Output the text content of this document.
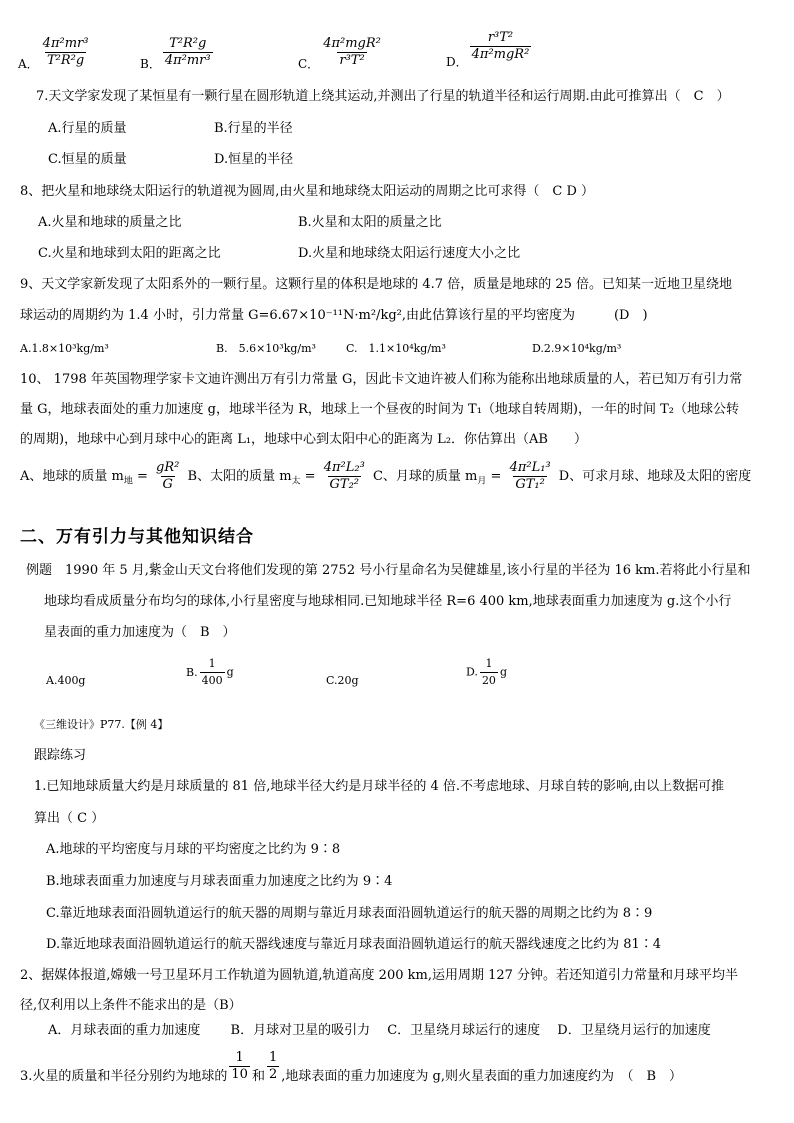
A． $\frac{\text{4π²mr³}}{\text{T²R²g}}$	B． $\frac{\text{T²R²g}}{\text{4π²mr³}}$	C． $\frac{\text{4π²mgR²}}{\text{r³T²}}$	D． $\frac{\text{r³T²}}{\text{4π²mgR²}}$
7.天文学家发现了某恒星有一颗行星在圆形轨道上绕其运动,并测出了行星的轨道半径和运行周期.由此可推算出（　C　）
A.行星的质量	B.行星的半径
C.恒星的质量	D.恒星的半径
8、把火星和地球绕太阳运行的轨道视为圆周,由火星和地球绕太阳运动的周期之比可求得（　C D ）
A.火星和地球的质量之比	B.火星和太阳的质量之比
C.火星和地球到太阳的距离之比	D.火星和地球绕太阳运行速度大小之比
9、天文学家新发现了太阳系外的一颗行星。这颗行星的体积是地球的 4.7 倍，质量是地球的 25 倍。已知某一近地卫星绕地
球运动的周期约为 1.4 小时，引力常量 G=6.67×10⁻¹¹N·m²/kg²,由此估算该行星的平均密度为　　　(D　)
A.1.8×10³kg/m³	B.　5.6×10³kg/m³	C.　1.1×10⁴kg/m³	D.2.9×10⁴kg/m³
10、 1798 年英国物理学家卡文迪许测出万有引力常量 G，因此卡文迪许被人们称为能称出地球质量的人，若已知万有引力常
量 G，地球表面处的重力加速度 g，地球半径为 R，地球上一个昼夜的时间为 T₁（地球自转周期)，一年的时间 T₂（地球公转
的周期)，地球中心到月球中心的距离 L₁，地球中心到太阳中心的距离为 L₂．你估算出（AB　　）
A、地球的质量 $m_地 = \frac{\text{gR²}}{G}$ B、太阳的质量 $m_太 = \frac{\text{4π²L₂³}}{\text{GT₂²}}$ C、月球的质量 $m_月 = \frac{\text{4π²L₁³}}{\text{GT₁²}}$ D、可求月球、地球及太阳的密度
二、万有引力与其他知识结合
例题　1990 年 5 月,紫金山天文台将他们发现的第 2752 号小行星命名为吴健雄星,该小行星的半径为 16 km.若将此小行星和
地球均看成质量分布均匀的球体,小行星密度与地球相同.已知地球半径 R=6 400 km,地球表面重力加速度为 g.这个小行
星表面的重力加速度为（　B　）
A.400g
B. $\frac{1}{400}$ g
C.20g
D. $\frac{1}{20}$ g
《三维设计》P77.【例 4】
跟踪练习
1.已知地球质量大约是月球质量的 81 倍,地球半径大约是月球半径的 4 倍.不考虑地球、月球自转的影响,由以上数据可推
算出（ C ）
A.地球的平均密度与月球的平均密度之比约为 9∶8
B.地球表面重力加速度与月球表面重力加速度之比约为 9∶4
C.靠近地球表面沿圆轨道运行的航天器的周期与靠近月球表面沿圆轨道运行的航天器的周期之比约为 8∶9
D.靠近地球表面沿圆轨道运行的航天器线速度与靠近月球表面沿圆轨道运行的航天器线速度之比约为 81∶4
2、据媒体报道,嫦娥一号卫星环月工作轨道为圆轨道,轨道高度 200 km,运用周期 127 分钟。若还知道引力常量和月球平均半
径,仅利用以上条件不能求出的是（B）
A．月球表面的重力加速度　　 B．月球对卫星的吸引力　 C．卫星绕月球运行的速度　 D．卫星绕月运行的加速度
3.火星的质量和半径分别约为地球的 $\frac{1}{10}$ 和 $\frac{1}{2}$ ,地球表面的重力加速度为 g,则火星表面的重力加速度约为　（　B　）
